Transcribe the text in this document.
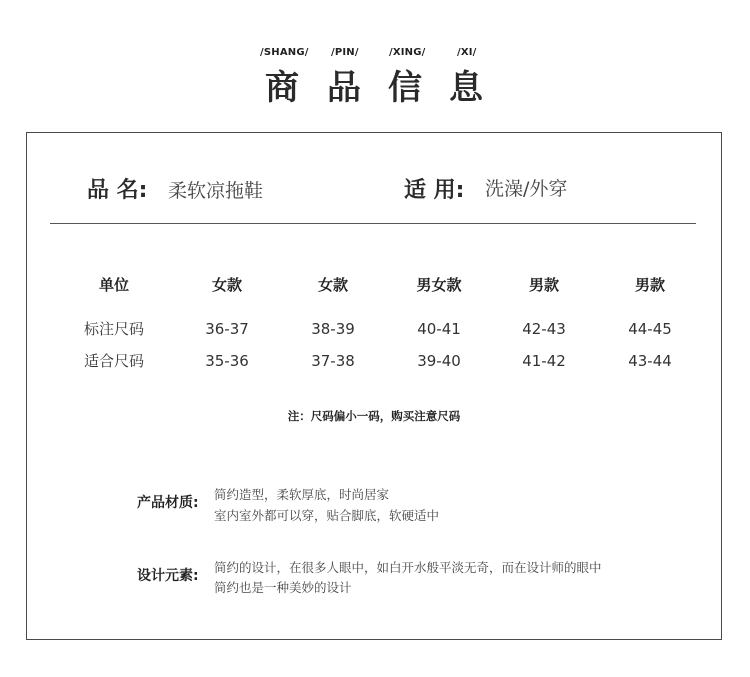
/SHANG/ /PIN/	/XING/	/XI/
商 品 信 息
品 名: 柔软凉拖鞋	适 用: 洗澡/外穿
单位	女款	女款	男女款	男款	男款
标注尺码	36-37	38-39	40-41	42-43	44-45
适合尺码	35-36	37-38	39-40	41-42	43-44
注：尺码偏小一码，购买注意尺码
产品材质:
简约造型，柔软厚底，时尚居家
室内室外都可以穿，贴合脚底，软硬适中
设计元素:
简约的设计，在很多人眼中，如白开水般平淡无奇，而在设计师的眼中
简约也是一种美妙的设计
